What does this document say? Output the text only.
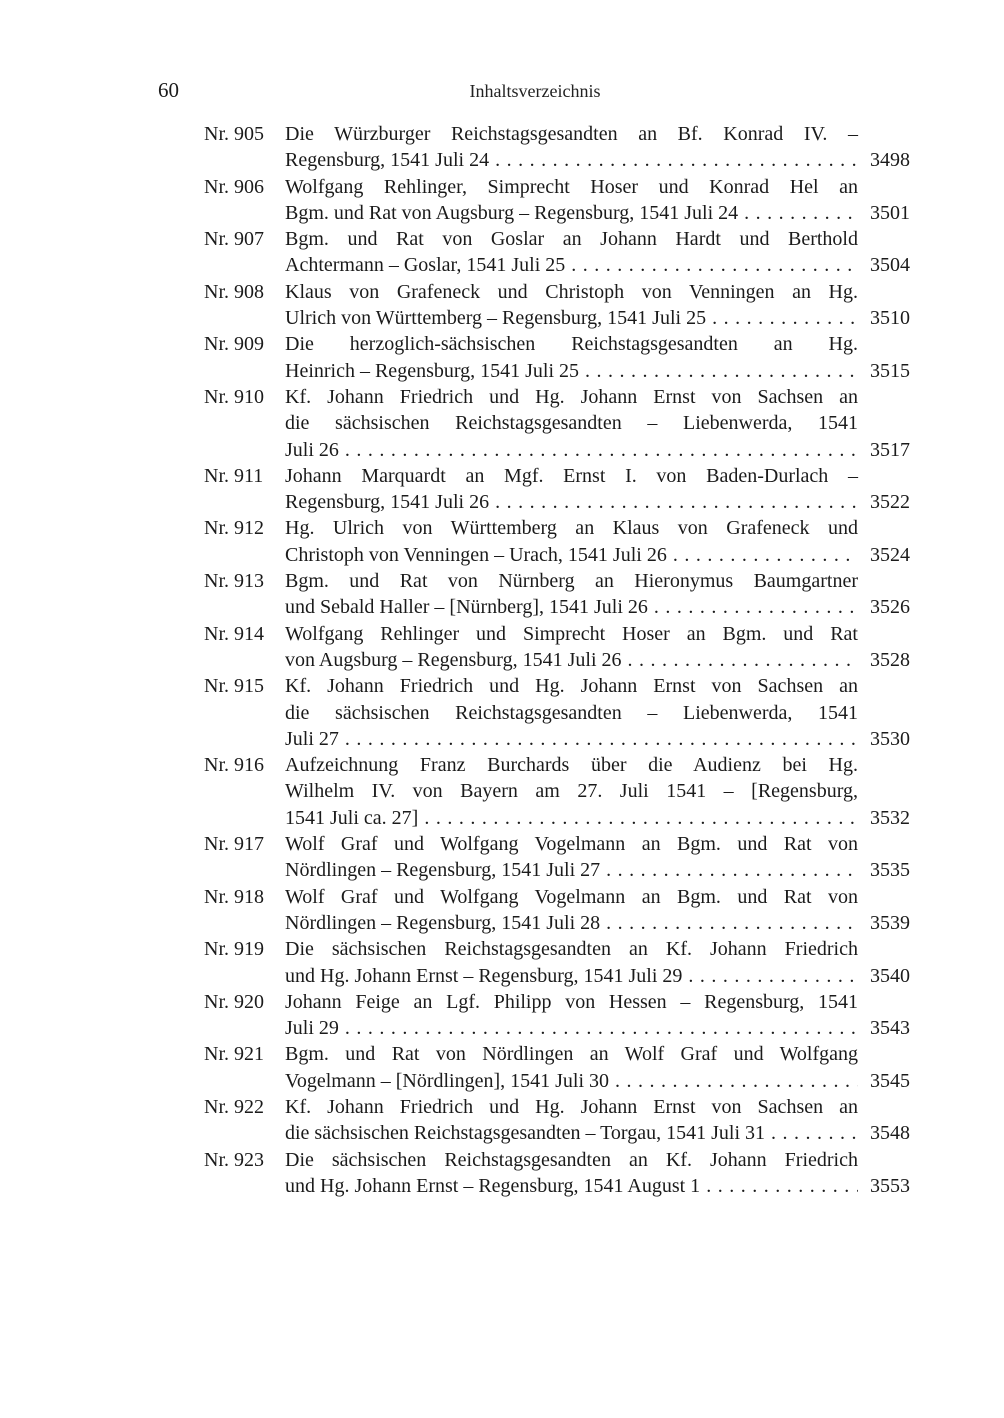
60	Inhaltsverzeichnis
Nr. 905	Die Würzburger Reichstagsgesandten an Bf. Konrad IV. –
Regensburg, 1541 Juli 24 .....	3498
Nr. 906	Wolfgang Rehlinger, Simprecht Hoser und Konrad Hel an
Bgm. und Rat von Augsburg – Regensburg, 1541 Juli 24 .....	3501
Nr. 907	Bgm. und Rat von Goslar an Johann Hardt und Berthold
Achtermann – Goslar, 1541 Juli 25 .....	3504
Nr. 908	Klaus von Grafeneck und Christoph von Venningen an Hg.
Ulrich von Württemberg – Regensburg, 1541 Juli 25 .....	3510
Nr. 909	Die herzoglich-sächsischen Reichstagsgesandten an Hg.
Heinrich – Regensburg, 1541 Juli 25 .....	3515
Nr. 910	Kf. Johann Friedrich und Hg. Johann Ernst von Sachsen an
die sächsischen Reichstagsgesandten – Liebenwerda, 1541
Juli 26 .....	3517
Nr. 911	Johann Marquardt an Mgf. Ernst I. von Baden-Durlach –
Regensburg, 1541 Juli 26 .....	3522
Nr. 912	Hg. Ulrich von Württemberg an Klaus von Grafeneck und
Christoph von Venningen – Urach, 1541 Juli 26 .....	3524
Nr. 913	Bgm. und Rat von Nürnberg an Hieronymus Baumgartner
und Sebald Haller – [Nürnberg], 1541 Juli 26 .....	3526
Nr. 914	Wolfgang Rehlinger und Simprecht Hoser an Bgm. und Rat
von Augsburg – Regensburg, 1541 Juli 26 .....	3528
Nr. 915	Kf. Johann Friedrich und Hg. Johann Ernst von Sachsen an
die sächsischen Reichstagsgesandten – Liebenwerda, 1541
Juli 27 .....	3530
Nr. 916	Aufzeichnung Franz Burchards über die Audienz bei Hg.
Wilhelm IV. von Bayern am 27. Juli 1541 – [Regensburg,
1541 Juli ca. 27] .....	3532
Nr. 917	Wolf Graf und Wolfgang Vogelmann an Bgm. und Rat von
Nördlingen – Regensburg, 1541 Juli 27 .....	3535
Nr. 918	Wolf Graf und Wolfgang Vogelmann an Bgm. und Rat von
Nördlingen – Regensburg, 1541 Juli 28 .....	3539
Nr. 919	Die sächsischen Reichstagsgesandten an Kf. Johann Friedrich
und Hg. Johann Ernst – Regensburg, 1541 Juli 29 .....	3540
Nr. 920	Johann Feige an Lgf. Philipp von Hessen – Regensburg, 1541
Juli 29 .....	3543
Nr. 921	Bgm. und Rat von Nördlingen an Wolf Graf und Wolfgang
Vogelmann – [Nördlingen], 1541 Juli 30 .....	3545
Nr. 922	Kf. Johann Friedrich und Hg. Johann Ernst von Sachsen an
die sächsischen Reichstagsgesandten – Torgau, 1541 Juli 31 .....	3548
Nr. 923	Die sächsischen Reichstagsgesandten an Kf. Johann Friedrich
und Hg. Johann Ernst – Regensburg, 1541 August 1 .....	3553
